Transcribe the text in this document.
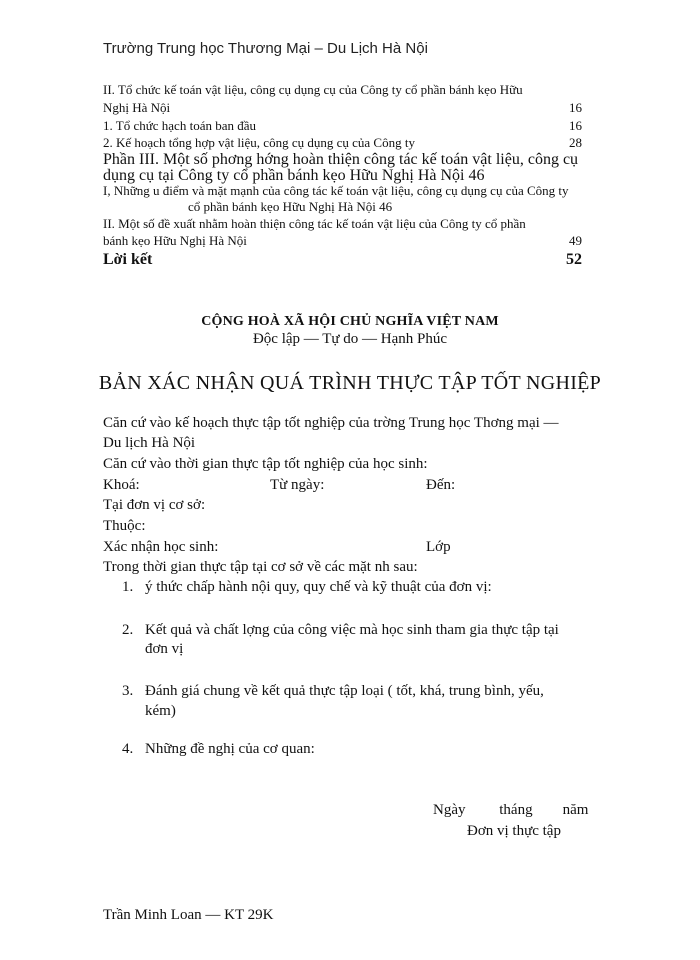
Trường Trung học Thương Mại – Du Lịch Hà Nội
II. Tổ chức kế toán vật liệu, công cụ dụng cụ của Công ty cổ phần bánh kẹo Hữu
Nghị Hà Nội	16
1. Tổ chức hạch toán ban đầu	16
2. Kế hoạch tổng hợp vật liệu, công cụ dụng cụ của Công ty	28
Phần III. Một số phơng hớng hoàn thiện công tác kế toán vật liệu, công cụ
dụng cụ tại Công ty cổ phần bánh kẹo Hữu Nghị Hà Nội 46
I, Những u điểm và mặt mạnh của công tác kế toán vật liệu, công cụ dụng cụ của Công ty
cổ phần bánh kẹo Hữu Nghị Hà Nội 46
II. Một số đề xuất nhằm hoàn thiện công tác kế toán vật liệu của Công ty cổ phần
bánh kẹo Hữu Nghị Hà Nội	49
Lời kết	52
CỘNG HOÀ XÃ HỘI CHỦ NGHĨA VIỆT NAM
Độc lập — Tự do — Hạnh Phúc
BẢN XÁC NHẬN QUÁ TRÌNH THỰC TẬP TỐT NGHIỆP
Căn cứ vào kế hoạch thực tập tốt nghiệp của trờng Trung học Thơng mại —
Du lịch Hà Nội
Căn cứ vào thời gian thực tập tốt nghiệp của học sinh:
Khoá:	Từ ngày:	Đến:
Tại đơn vị cơ sở:
Thuộc:
Xác nhận học sinh:	Lớp
Trong thời gian thực tập tại cơ sở về các mặt nh sau:
1. ý thức chấp hành nội quy, quy chế và kỹ thuật của đơn vị:
2. Kết quả và chất lợng của công việc mà học sinh tham gia thực tập tại
đơn vị
3. Đánh giá chung về kết quả thực tập loại ( tốt, khá, trung bình, yếu,
kém)
4. Những đề nghị của cơ quan:
Ngày         tháng        năm
Đơn vị thực tập
Trần Minh Loan — KT 29K
